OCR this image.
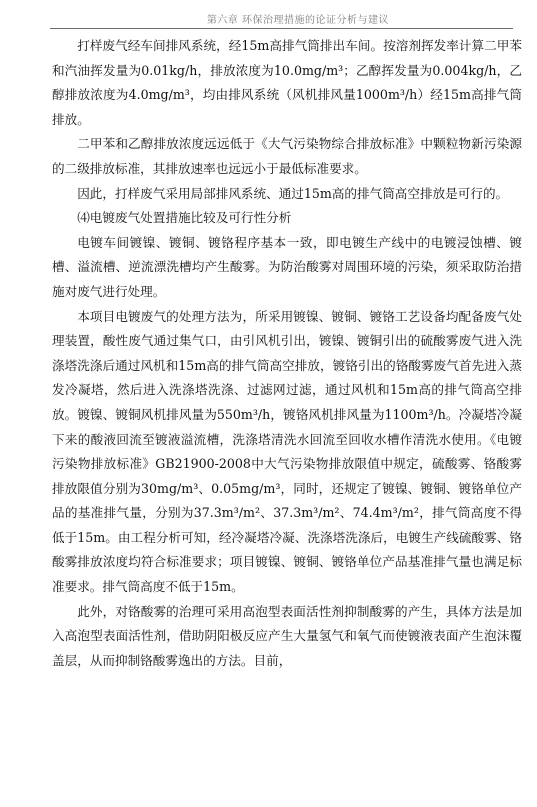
第六章 环保治理措施的论证分析与建议

打样废气经车间排风系统，经15m高排气筒排出车间。按溶剂挥发率计算二甲苯和汽油挥发量为0.01kg/h，排放浓度为10.0mg/m³；乙醇挥发量为0.004kg/h，乙醇排放浓度为4.0mg/m³，均由排风系统（风机排风量1000m³/h）经15m高排气筒排放。

二甲苯和乙醇排放浓度远远低于《大气污染物综合排放标准》中颗粒物新污染源的二级排放标准，其排放速率也远远小于最低标准要求。

因此，打样废气采用局部排风系统、通过15m高的排气筒高空排放是可行的。

⑷电镀废气处置措施比较及可行性分析

电镀车间镀镍、镀铜、镀铬程序基本一致，即电镀生产线中的电镀浸蚀槽、镀槽、溢流槽、逆流漂洗槽均产生酸雾。为防治酸雾对周围环境的污染，须采取防治措施对废气进行处理。

本项目电镀废气的处理方法为，所采用镀镍、镀铜、镀铬工艺设备均配备废气处理装置，酸性废气通过集气口，由引风机引出，镀镍、镀铜引出的硫酸雾废气进入洗涤塔洗涤后通过风机和15m高的排气筒高空排放，镀铬引出的铬酸雾废气首先进入蒸发冷凝塔，然后进入洗涤塔洗涤、过滤网过滤，通过风机和15m高的排气筒高空排放。镀镍、镀铜风机排风量为550m³/h，镀铬风机排风量为1100m³/h。冷凝塔冷凝下来的酸液回流至镀液溢流槽，洗涤塔清洗水回流至回收水槽作清洗水使用。《电镀污染物排放标准》GB21900-2008中大气污染物排放限值中规定，硫酸雾、铬酸雾排放限值分别为30mg/m³、0.05mg/m³，同时，还规定了镀镍、镀铜、镀铬单位产品的基准排气量，分别为37.3m³/m²、37.3m³/m²、74.4m³/m²，排气筒高度不得低于15m。由工程分析可知，经冷凝塔冷凝、洗涤塔洗涤后，电镀生产线硫酸雾、铬酸雾排放浓度均符合标准要求；项目镀镍、镀铜、镀铬单位产品基准排气量也满足标准要求。排气筒高度不低于15m。

此外，对铬酸雾的治理可采用高泡型表面活性剂抑制酸雾的产生，具体方法是加入高泡型表面活性剂，借助阴阳极反应产生大量氢气和氧气而使镀液表面产生泡沫覆盖层，从而抑制铬酸雾逸出的方法。目前，
